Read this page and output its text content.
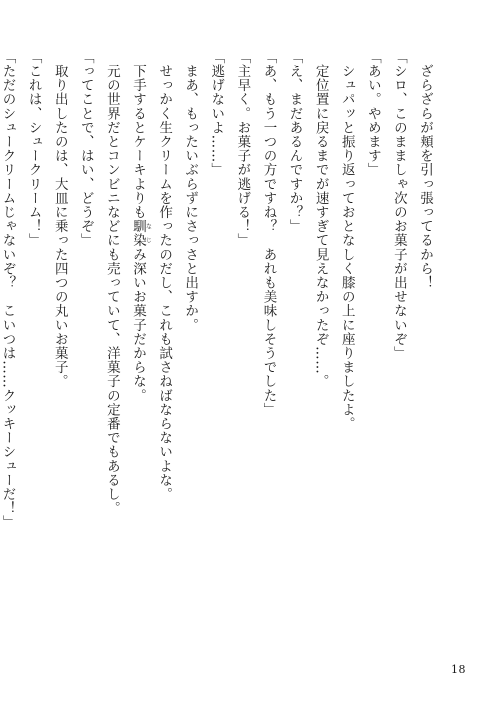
　ざらざらが頬を引っ張ってるから！
「シロ、このまましゃ次のお菓子が出せないぞ」
「あい。やめます」
　シュパッと振り返っておとなしく膝の上に座りましたよ。
　定位置に戻るまでが速すぎて見えなかったぞ……。
「え、まだあるんですか？」
「あ、もう一つの方ですね？　あれも美味しそうでした」
「主早く。お菓子が逃げる！」
「逃げないよ……」
　まあ、もったいぶらずにさっさと出すか。
　せっかく生クリームを作ったのだし、これも試さねばならないよな。
　下手するとケーキよりも馴染なじみ深いお菓子だからな。
　元の世界だとコンビニなどにも売っていて、洋菓子の定番でもあるし。
「ってことで、はい、どうぞ」
　取り出したのは、大皿に乗った四つの丸いお菓子。
「これは、シュークリーム！」
「ただのシュークリームじゃないぞ？　こいつは……クッキーシューだ！」
18
